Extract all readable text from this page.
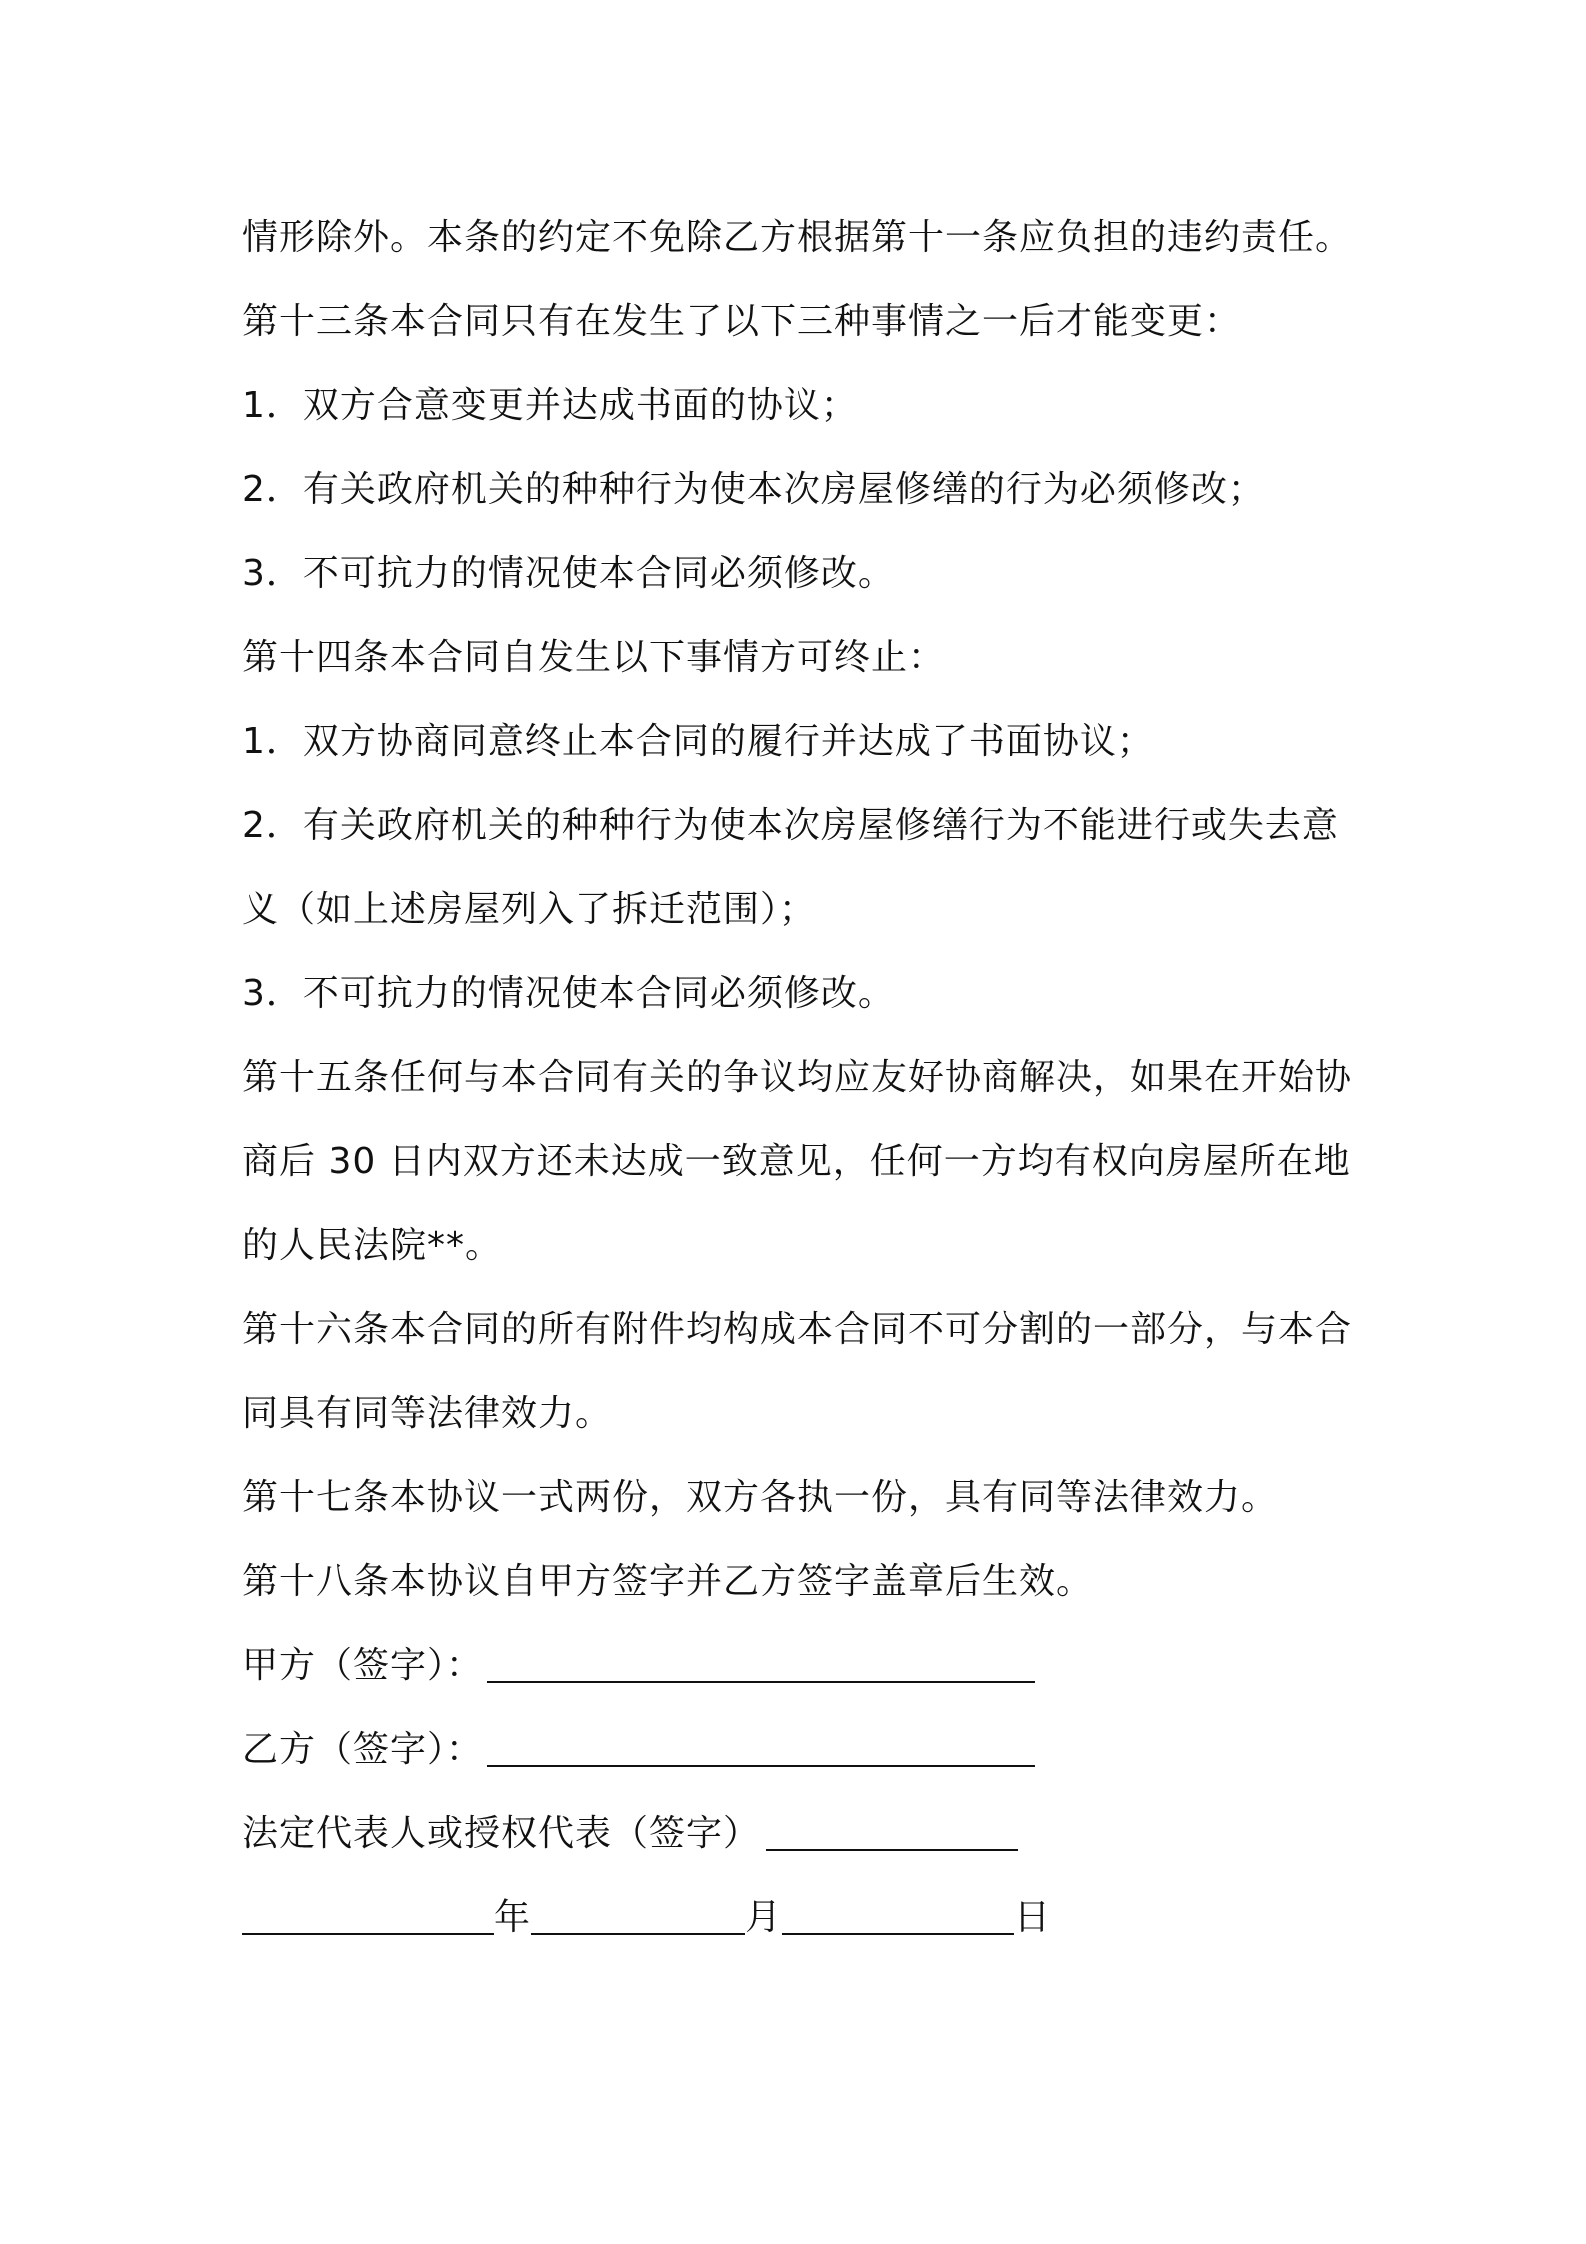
情形除外。本条的约定不免除乙方根据第十一条应负担的违约责任。
第十三条本合同只有在发生了以下三种事情之一后才能变更：
1．双方合意变更并达成书面的协议；
2．有关政府机关的种种行为使本次房屋修缮的行为必须修改；
3．不可抗力的情况使本合同必须修改。
第十四条本合同自发生以下事情方可终止：
1．双方协商同意终止本合同的履行并达成了书面协议；
2．有关政府机关的种种行为使本次房屋修缮行为不能进行或失去意
义（如上述房屋列入了拆迁范围）；
3．不可抗力的情况使本合同必须修改。
第十五条任何与本合同有关的争议均应友好协商解决，如果在开始协
商后 30 日内双方还未达成一致意见，任何一方均有权向房屋所在地
的人民法院**。
第十六条本合同的所有附件均构成本合同不可分割的一部分，与本合
同具有同等法律效力。
第十七条本协议一式两份，双方各执一份，具有同等法律效力。
第十八条本协议自甲方签字并乙方签字盖章后生效。
甲方（签字）：
乙方（签字）：
法定代表人或授权代表（签字）
年	月	日
